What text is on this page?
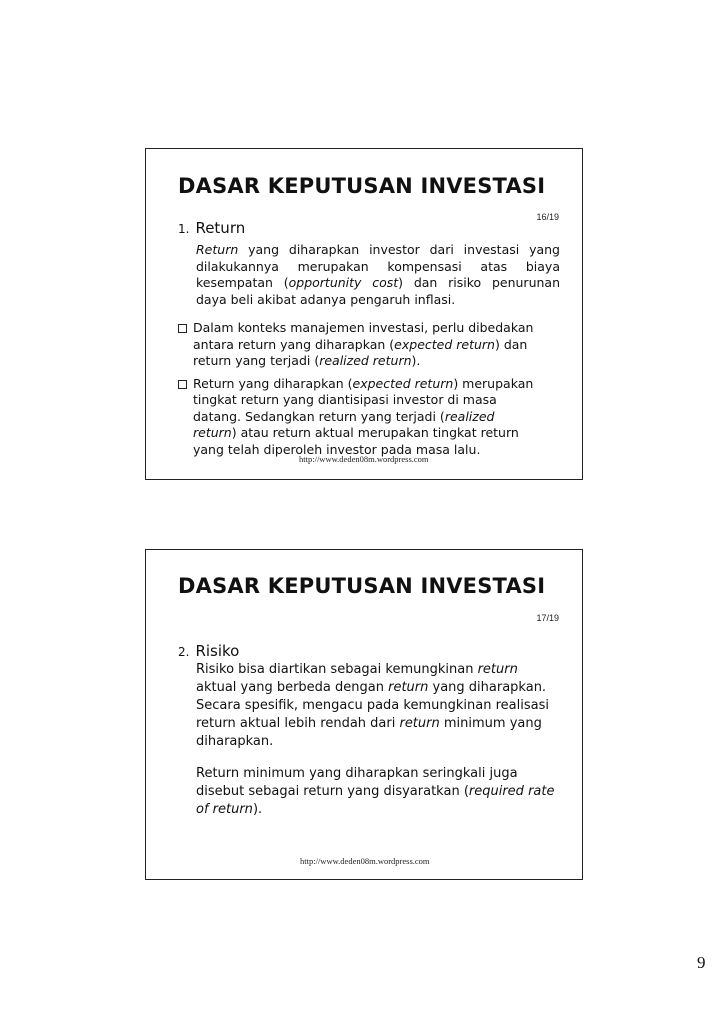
DASAR KEPUTUSAN INVESTASI
16/19
1. Return
Return yang diharapkan investor dari investasi yang dilakukannya merupakan kompensasi atas biaya kesempatan (opportunity cost) dan risiko penurunan daya beli akibat adanya pengaruh inflasi.
Dalam konteks manajemen investasi, perlu dibedakan antara return yang diharapkan (expected return) dan return yang terjadi (realized return).
Return yang diharapkan (expected return) merupakan tingkat return yang diantisipasi investor di masa datang. Sedangkan return yang terjadi (realized return) atau return aktual merupakan tingkat return yang telah diperoleh investor pada masa lalu.
http://www.deden08m.wordpress.com
DASAR KEPUTUSAN INVESTASI
17/19
2. Risiko
Risiko bisa diartikan sebagai kemungkinan return aktual yang berbeda dengan return yang diharapkan. Secara spesifik, mengacu pada kemungkinan realisasi return aktual lebih rendah dari return minimum yang diharapkan.
Return minimum yang diharapkan seringkali juga disebut sebagai return yang disyaratkan (required rate of return).
http://www.deden08m.wordpress.com
9
